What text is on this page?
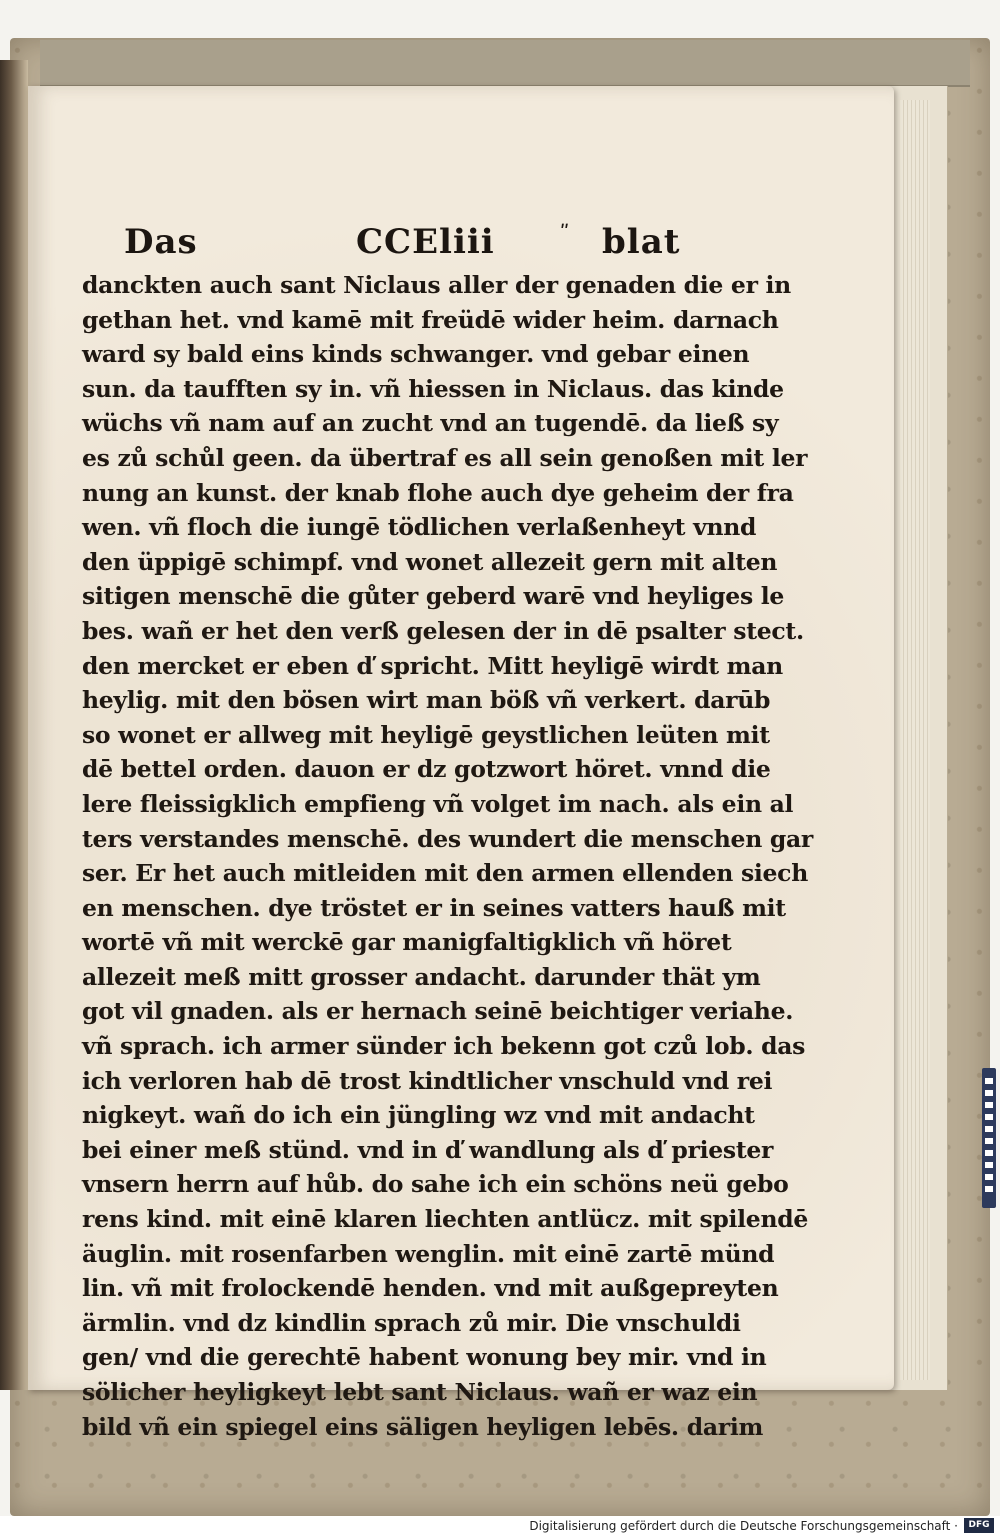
Das	CCEliii	ʺ blat
danckten auch sant Niclaus aller der genaden die er in
gethan het. vnd kamē mit freüdē wider heim. darnach
ward sy bald eins kinds schwanger. vnd gebar einen
sun. da taufften sy in. vñ hiessen in Niclaus. das kinde
wüchs vñ nam auf an zucht vnd an tugendē. da ließ sy
es zů schůl geen. da übertraf es all sein genoßen mit ler
nung an kunst. der knab flohe auch dye geheim der fra
wen. vñ floch die iungē tödlichen verlaßenheyt vnnd
den üppigē schimpf. vnd wonet allezeit gern mit alten
sitigen menschē die gůter geberd warē vnd heyliges le
bes. wañ er het den verß gelesen der in dē psalter stect.
den mercket er eben ď spricht. Mitt heyligē wirdt man
heylig. mit den bösen wirt man böß vñ verkert. darūb
so wonet er allweg mit heyligē geystlichen leüten mit
dē bettel orden. dauon er dz gotzwort höret. vnnd die
lere fleissigklich empfieng vñ volget im nach. als ein al
ters verstandes menschē. des wundert die menschen gar
ser. Er het auch mitleiden mit den armen ellenden siech
en menschen. dye tröstet er in seines vatters hauß mit
wortē vñ mit werckē gar manigfaltigklich vñ höret
allezeit meß mitt grosser andacht. darunder thät ym
got vil gnaden. als er hernach seinē beichtiger veriahe.
vñ sprach. ich armer sünder ich bekenn got czů lob. das
ich verloren hab dē trost kindtlicher vnschuld vnd rei
nigkeyt. wañ do ich ein jüngling wz vnd mit andacht
bei einer meß stünd. vnd in ď wandlung als ď priester
vnsern herrn auf hůb. do sahe ich ein schöns neü gebo
rens kind. mit einē klaren liechten antlücz. mit spilendē
äuglin. mit rosenfarben wenglin. mit einē zartē münd
lin. vñ mit frolockendē henden. vnd mit außgepreyten
ärmlin. vnd dz kindlin sprach zů mir. Die vnschuldi
gen/ vnd die gerechtē habent wonung bey mir. vnd in
sölicher heyligkeyt lebt sant Niclaus. wañ er waz ein
bild vñ ein spiegel eins säligen heyligen lebēs. darim
Digitalisierung gefördert durch die Deutsche Forschungsgemeinschaft ·	DFG
